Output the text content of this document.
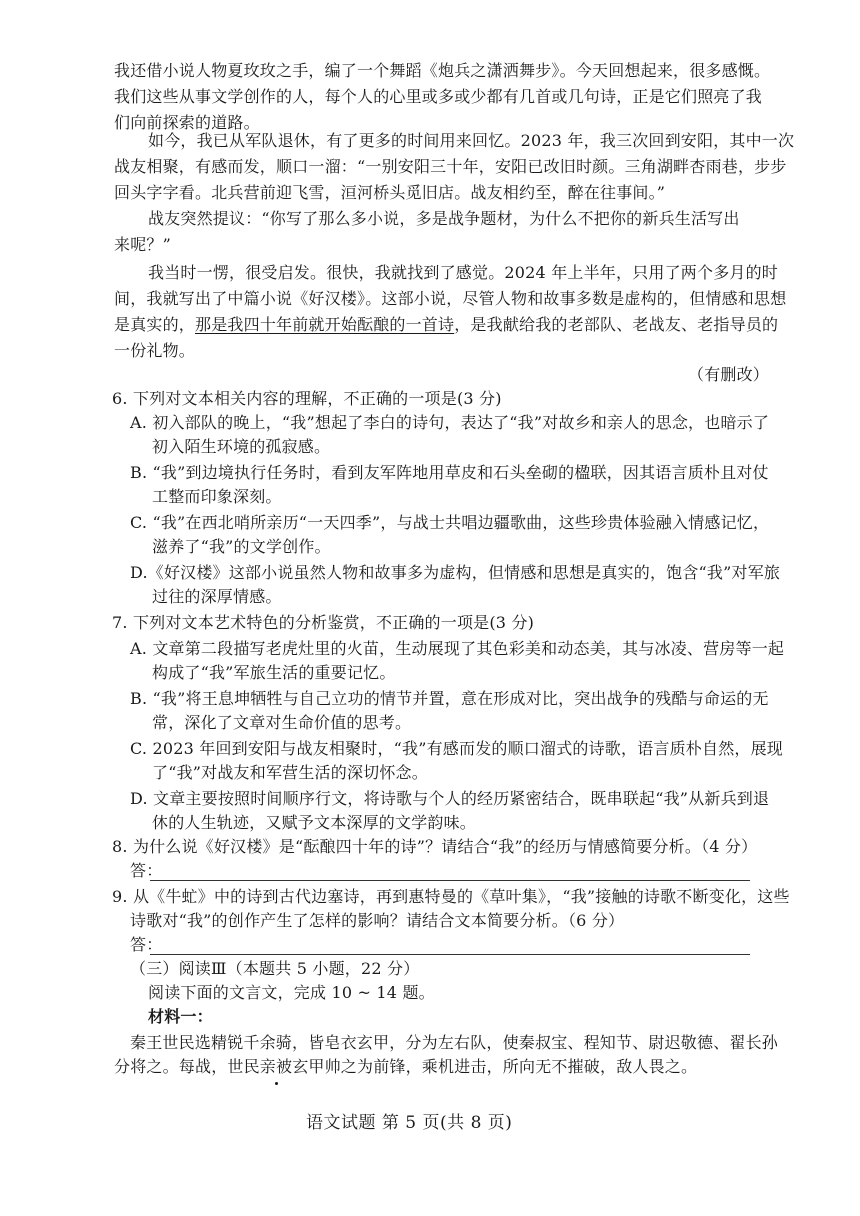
我还借小说人物夏玫玫之手，编了一个舞蹈《炮兵之潇洒舞步》。今天回想起来，很多感慨。
我们这些从事文学创作的人，每个人的心里或多或少都有几首或几句诗，正是它们照亮了我
们向前探索的道路。
如今，我已从军队退休，有了更多的时间用来回忆。2023 年，我三次回到安阳，其中一次
战友相聚，有感而发，顺口一溜：“一别安阳三十年，安阳已改旧时颜。三角湖畔杏雨巷，步步
回头字字看。北兵营前迎飞雪，洹河桥头觅旧店。战友相约至，醉在往事间。”
战友突然提议：“你写了那么多小说，多是战争题材，为什么不把你的新兵生活写出
来呢？”
我当时一愣，很受启发。很快，我就找到了感觉。2024 年上半年，只用了两个多月的时
间，我就写出了中篇小说《好汉楼》。这部小说，尽管人物和故事多数是虚构的，但情感和思想
是真实的，那是我四十年前就开始酝酿的一首诗，是我献给我的老部队、老战友、老指导员的
一份礼物。
（有删改）
6. 下列对文本相关内容的理解，不正确的一项是(3 分)
A. 初入部队的晚上，“我”想起了李白的诗句，表达了“我”对故乡和亲人的思念，也暗示了
初入陌生环境的孤寂感。
B. “我”到边境执行任务时，看到友军阵地用草皮和石头垒砌的楹联，因其语言质朴且对仗
工整而印象深刻。
C. “我”在西北哨所亲历“一天四季”，与战士共唱边疆歌曲，这些珍贵体验融入情感记忆，
滋养了“我”的文学创作。
D.《好汉楼》这部小说虽然人物和故事多为虚构，但情感和思想是真实的，饱含“我”对军旅
过往的深厚情感。
7. 下列对文本艺术特色的分析鉴赏，不正确的一项是(3 分)
A. 文章第二段描写老虎灶里的火苗，生动展现了其色彩美和动态美，其与冰凌、营房等一起
构成了“我”军旅生活的重要记忆。
B. “我”将王息坤牺牲与自己立功的情节并置，意在形成对比，突出战争的残酷与命运的无
常，深化了文章对生命价值的思考。
C. 2023 年回到安阳与战友相聚时，“我”有感而发的顺口溜式的诗歌，语言质朴自然，展现
了“我”对战友和军营生活的深切怀念。
D. 文章主要按照时间顺序行文，将诗歌与个人的经历紧密结合，既串联起“我”从新兵到退
休的人生轨迹，又赋予文本深厚的文学韵味。
8. 为什么说《好汉楼》是“酝酿四十年的诗”？请结合“我”的经历与情感简要分析。（4 分）
答：
9. 从《牛虻》中的诗到古代边塞诗，再到惠特曼的《草叶集》，“我”接触的诗歌不断变化，这些
诗歌对“我”的创作产生了怎样的影响？请结合文本简要分析。（6 分）
答：
（三）阅读Ⅲ（本题共 5 小题，22 分）
阅读下面的文言文，完成 10 ~ 14 题。
材料一：
秦王世民选精锐千余骑，皆皂衣玄甲，分为左右队，使秦叔宝、程知节、尉迟敬德、翟长孙
分将之。每战，世民亲被玄甲帅之为前锋，乘机进击，所向无不摧破，敌人畏之。
语文试题 第 5 页(共 8 页)
